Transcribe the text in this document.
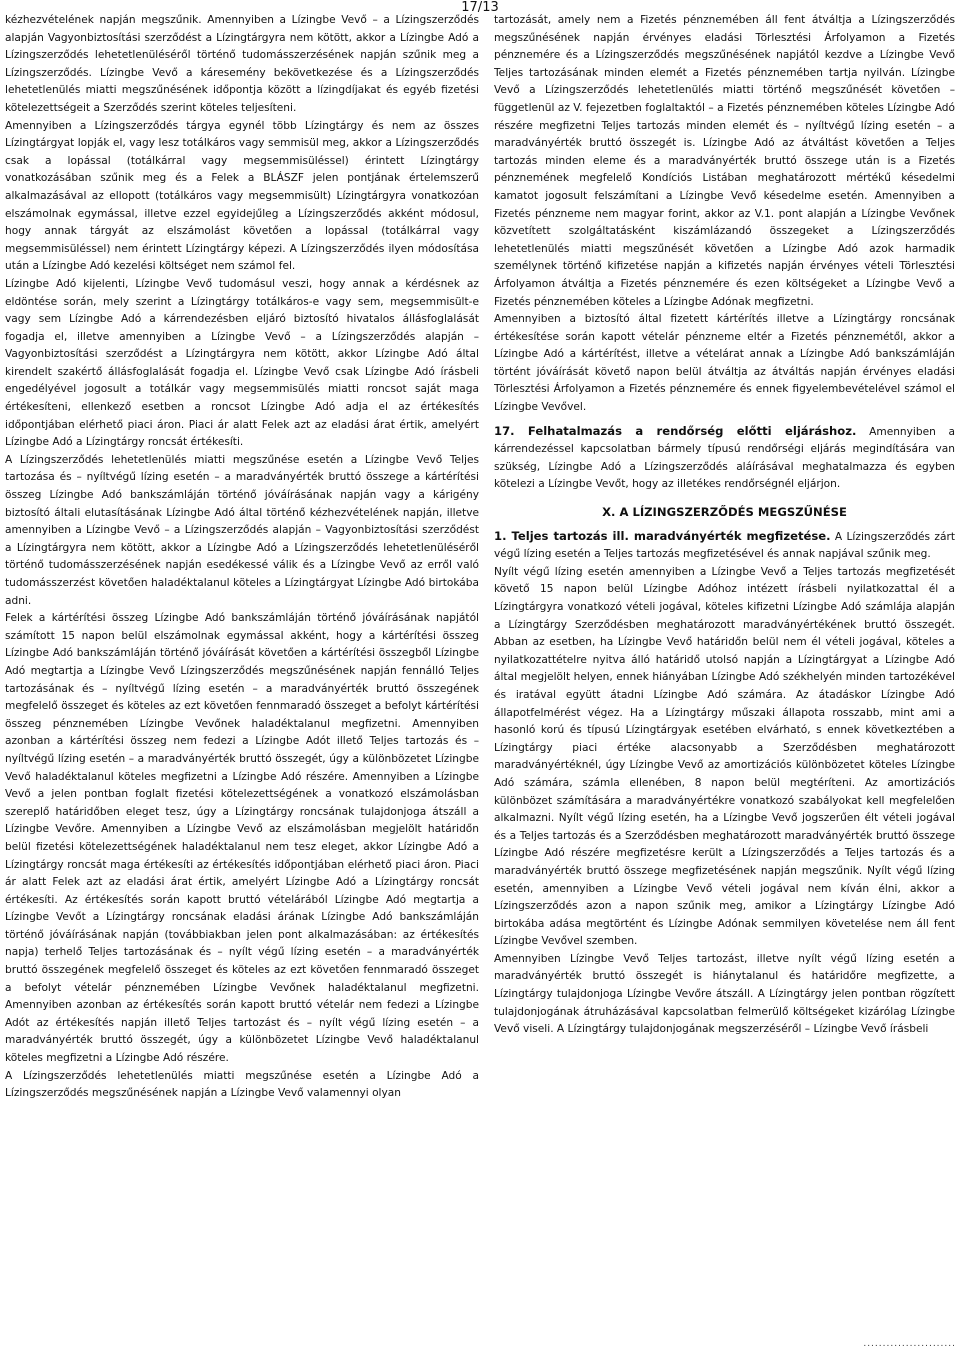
17/13

kézhezvételének napján megszűnik. Amennyiben a Lízingbe Vevő – a Lízingszerződés alapján Vagyonbiztosítási szerződést a Lízingtárgyra nem kötött, akkor a Lízingbe Adó a Lízingszerződés lehetetlenüléséről történő tudomásszerzésének napján szűnik meg a Lízingszerződés. Lízingbe Vevő a káresemény bekövetkezése és a Lízingszerződés lehetetlenülés miatti megszűnésének időpontja között a lízingdíjakat és egyéb fizetési kötelezettségeit a Szerződés szerint köteles teljesíteni.

Amennyiben a Lízingszerződés tárgya egynél több Lízingtárgy és nem az összes Lízingtárgyat lopják el, vagy lesz totálkáros vagy semmisül meg, akkor a Lízingszerződés csak a lopással (totálkárral vagy megsemmisüléssel) érintett Lízingtárgy vonatkozásában szűnik meg és a Felek a BLÁSZF jelen pontjának értelemszerű alkalmazásával az ellopott (totálkáros vagy megsemmisült) Lízingtárgyra vonatkozóan elszámolnak egymással, illetve ezzel egyidejűleg a Lízingszerződés akként módosul, hogy annak tárgyát az elszámolást követően a lopással (totálkárral vagy megsemmisüléssel) nem érintett Lízingtárgy képezi. A Lízingszerződés ilyen módosítása után a Lízingbe Adó kezelési költséget nem számol fel.

Lízingbe Adó kijelenti, Lízingbe Vevő tudomásul veszi, hogy annak a kérdésnek az eldöntése során, mely szerint a Lízingtárgy totálkáros-e vagy sem, megsemmisült-e vagy sem Lízingbe Adó a kárrendezésben eljáró biztosító hivatalos állásfoglalását fogadja el, illetve amennyiben a Lízingbe Vevő – a Lízingszerződés alapján – Vagyonbiztosítási szerződést a Lízingtárgyra nem kötött, akkor Lízingbe Adó által kirendelt szakértő állásfoglalását fogadja el. Lízingbe Vevő csak Lízingbe Adó írásbeli engedélyével jogosult a totálkár vagy megsemmisülés miatti roncsot saját maga értékesíteni, ellenkező esetben a roncsot Lízingbe Adó adja el az értékesítés időpontjában elérhető piaci áron. Piaci ár alatt Felek azt az eladási árat értik, amelyért Lízingbe Adó a Lízingtárgy roncsát értékesíti.

A Lízingszerződés lehetetlenülés miatti megszűnése esetén a Lízingbe Vevő Teljes tartozása és – nyíltvégű lízing esetén – a maradványérték bruttó összege a kártérítési összeg Lízingbe Adó bankszámláján történő jóváírásának napján vagy a kárigény biztosító általi elutasításának Lízingbe Adó által történő kézhezvételének napján, illetve amennyiben a Lízingbe Vevő – a Lízingszerződés alapján – Vagyonbiztosítási szerződést a Lízingtárgyra nem kötött, akkor a Lízingbe Adó a Lízingszerződés lehetetlenüléséről történő tudomásszerzésének napján esedékessé válik és a Lízingbe Vevő az erről való tudomásszerzést követően haladéktalanul köteles a Lízingtárgyat Lízingbe Adó birtokába adni.

Felek a kártérítési összeg Lízingbe Adó bankszámláján történő jóváírásának napjától számított 15 napon belül elszámolnak egymással akként, hogy a kártérítési összeg Lízingbe Adó bankszámláján történő jóváírását követően a kártérítési összegből Lízingbe Adó megtartja a Lízingbe Vevő Lízingszerződés megszűnésének napján fennálló Teljes tartozásának és – nyíltvégű lízing esetén – a maradványérték bruttó összegének megfelelő összeget és köteles az ezt követően fennmaradó összeget a befolyt kártérítési összeg pénznemében Lízingbe Vevőnek haladéktalanul megfizetni. Amennyiben azonban a kártérítési összeg nem fedezi a Lízingbe Adót illető Teljes tartozás és – nyíltvégű lízing esetén – a maradványérték bruttó összegét, úgy a különbözetet Lízingbe Vevő haladéktalanul köteles megfizetni a Lízingbe Adó részére. Amennyiben a Lízingbe Vevő a jelen pontban foglalt fizetési kötelezettségének a vonatkozó elszámolásban szereplő határidőben eleget tesz, úgy a Lízingtárgy roncsának tulajdonjoga átszáll a Lízingbe Vevőre. Amennyiben a Lízingbe Vevő az elszámolásban megjelölt határidőn belül fizetési kötelezettségének haladéktalanul nem tesz eleget, akkor Lízingbe Adó a Lízingtárgy roncsát maga értékesíti az értékesítés időpontjában elérhető piaci áron. Piaci ár alatt Felek azt az eladási árat értik, amelyért Lízingbe Adó a Lízingtárgy roncsát értékesíti. Az értékesítés során kapott bruttó vételárából Lízingbe Adó megtartja a Lízingbe Vevőt a Lízingtárgy roncsának eladási árának Lízingbe Adó bankszámláján történő jóváírásának napján (továbbiakban jelen pont alkalmazásában: az értékesítés napja) terhelő Teljes tartozásának és – nyílt végű lízing esetén – a maradványérték bruttó összegének megfelelő összeget és köteles az ezt követően fennmaradó összeget a befolyt vételár pénznemében Lízingbe Vevőnek haladéktalanul megfizetni. Amennyiben azonban az értékesítés során kapott bruttó vételár nem fedezi a Lízingbe Adót az értékesítés napján illető Teljes tartozást és – nyílt végű lízing esetén – a maradványérték bruttó összegét, úgy a különbözetet Lízingbe Vevő haladéktalanul köteles megfizetni a Lízingbe Adó részére.

A Lízingszerződés lehetetlenülés miatti megszűnése esetén a Lízingbe Adó a Lízingszerződés megszűnésének napján a Lízingbe Vevő valamennyi olyan

tartozását, amely nem a Fizetés pénznemében áll fent átváltja a Lízingszerződés megszűnésének napján érvényes eladási Törlesztési Árfolyamon a Fizetés pénznemére és a Lízingszerződés megszűnésének napjától kezdve a Lízingbe Vevő Teljes tartozásának minden elemét a Fizetés pénznemében tartja nyilván. Lízingbe Vevő a Lízingszerződés lehetetlenülés miatti történő megszűnését követően – függetlenül az V. fejezetben foglaltaktól – a Fizetés pénznemében köteles Lízingbe Adó részére megfizetni Teljes tartozás minden elemét és – nyíltvégű lízing esetén – a maradványérték bruttó összegét is. Lízingbe Adó az átváltást követően a Teljes tartozás minden eleme és a maradványérték bruttó összege után is a Fizetés pénznemének megfelelő Kondíciós Listában meghatározott mértékű késedelmi kamatot jogosult felszámítani a Lízingbe Vevő késedelme esetén. Amennyiben a Fizetés pénzneme nem magyar forint, akkor az V.1. pont alapján a Lízingbe Vevőnek közvetített szolgáltatásként kiszámlázandó összegeket a Lízingszerződés lehetetlenülés miatti megszűnését követően a Lízingbe Adó azok harmadik személynek történő kifizetése napján a kifizetés napján érvényes vételi Törlesztési Árfolyamon átváltja a Fizetés pénznemére és ezen költségeket a Lízingbe Vevő a Fizetés pénznemében köteles a Lízingbe Adónak megfizetni.

Amennyiben a biztosító által fizetett kártérítés illetve a Lízingtárgy roncsának értékesítése során kapott vételár pénzneme eltér a Fizetés pénznemétől, akkor a Lízingbe Adó a kártérítést, illetve a vételárat annak a Lízingbe Adó bankszámláján történt jóváírását követő napon belül átváltja az átváltás napján érvényes eladási Törlesztési Árfolyamon a Fizetés pénznemére és ennek figyelembevételével számol el Lízingbe Vevővel.

17. Felhatalmazás a rendőrség előtti eljáráshoz. Amennyiben a kárrendezéssel kapcsolatban bármely típusú rendőrségi eljárás megindítására van szükség, Lízingbe Adó a Lízingszerződés aláírásával meghatalmazza és egyben kötelezi a Lízingbe Vevőt, hogy az illetékes rendőrségnél eljárjon.

X. A LÍZINGSZERZŐDÉS MEGSZŰNÉSE

1. Teljes tartozás ill. maradványérték megfizetése. A Lízingszerződés zárt végű lízing esetén a Teljes tartozás megfizetésével és annak napjával szűnik meg.

Nyílt végű lízing esetén amennyiben a Lízingbe Vevő a Teljes tartozás megfizetését követő 15 napon belül Lízingbe Adóhoz intézett írásbeli nyilatkozattal él a Lízingtárgyra vonatkozó vételi jogával, köteles kifizetni Lízingbe Adó számlája alapján a Lízingtárgy Szerződésben meghatározott maradványértékének bruttó összegét. Abban az esetben, ha Lízingbe Vevő határidőn belül nem él vételi jogával, köteles a nyilatkozattételre nyitva álló határidő utolsó napján a Lízingtárgyat a Lízingbe Adó által megjelölt helyen, ennek hiányában Lízingbe Adó székhelyén minden tartozékével és iratával együtt átadni Lízingbe Adó számára. Az átadáskor Lízingbe Adó állapotfelmérést végez. Ha a Lízingtárgy műszaki állapota rosszabb, mint ami a hasonló korú és típusú Lízingtárgyak esetében elvárható, s ennek következtében a Lízingtárgy piaci értéke alacsonyabb a Szerződésben meghatározott maradványértéknél, úgy Lízingbe Vevő az amortizációs különbözetet köteles Lízingbe Adó számára, számla ellenében, 8 napon belül megtéríteni. Az amortizációs különbözet számítására a maradványértékre vonatkozó szabályokat kell megfelelően alkalmazni. Nyílt végű lízing esetén, ha a Lízingbe Vevő jogszerűen élt vételi jogával és a Teljes tartozás és a Szerződésben meghatározott maradványérték bruttó összege Lízingbe Adó részére megfizetésre került a Lízingszerződés a Teljes tartozás és a maradványérték bruttó összege megfizetésének napján megszűnik. Nyílt végű lízing esetén, amennyiben a Lízingbe Vevő vételi jogával nem kíván élni, akkor a Lízingszerződés azon a napon szűnik meg, amikor a Lízingtárgy Lízingbe Adó birtokába adása megtörtént és Lízingbe Adónak semmilyen követelése nem áll fent Lízingbe Vevővel szemben.

Amennyiben Lízingbe Vevő Teljes tartozást, illetve nyílt végű lízing esetén a maradványérték bruttó összegét is hiánytalanul és határidőre megfizette, a Lízingtárgy tulajdonjoga Lízingbe Vevőre átszáll. A Lízingtárgy jelen pontban rögzített tulajdonjogának átruházásával kapcsolatban felmerülő költségeket kizárólag Lízingbe Vevő viseli. A Lízingtárgy tulajdonjogának megszerzéséről – Lízingbe Vevő írásbeli

........................
